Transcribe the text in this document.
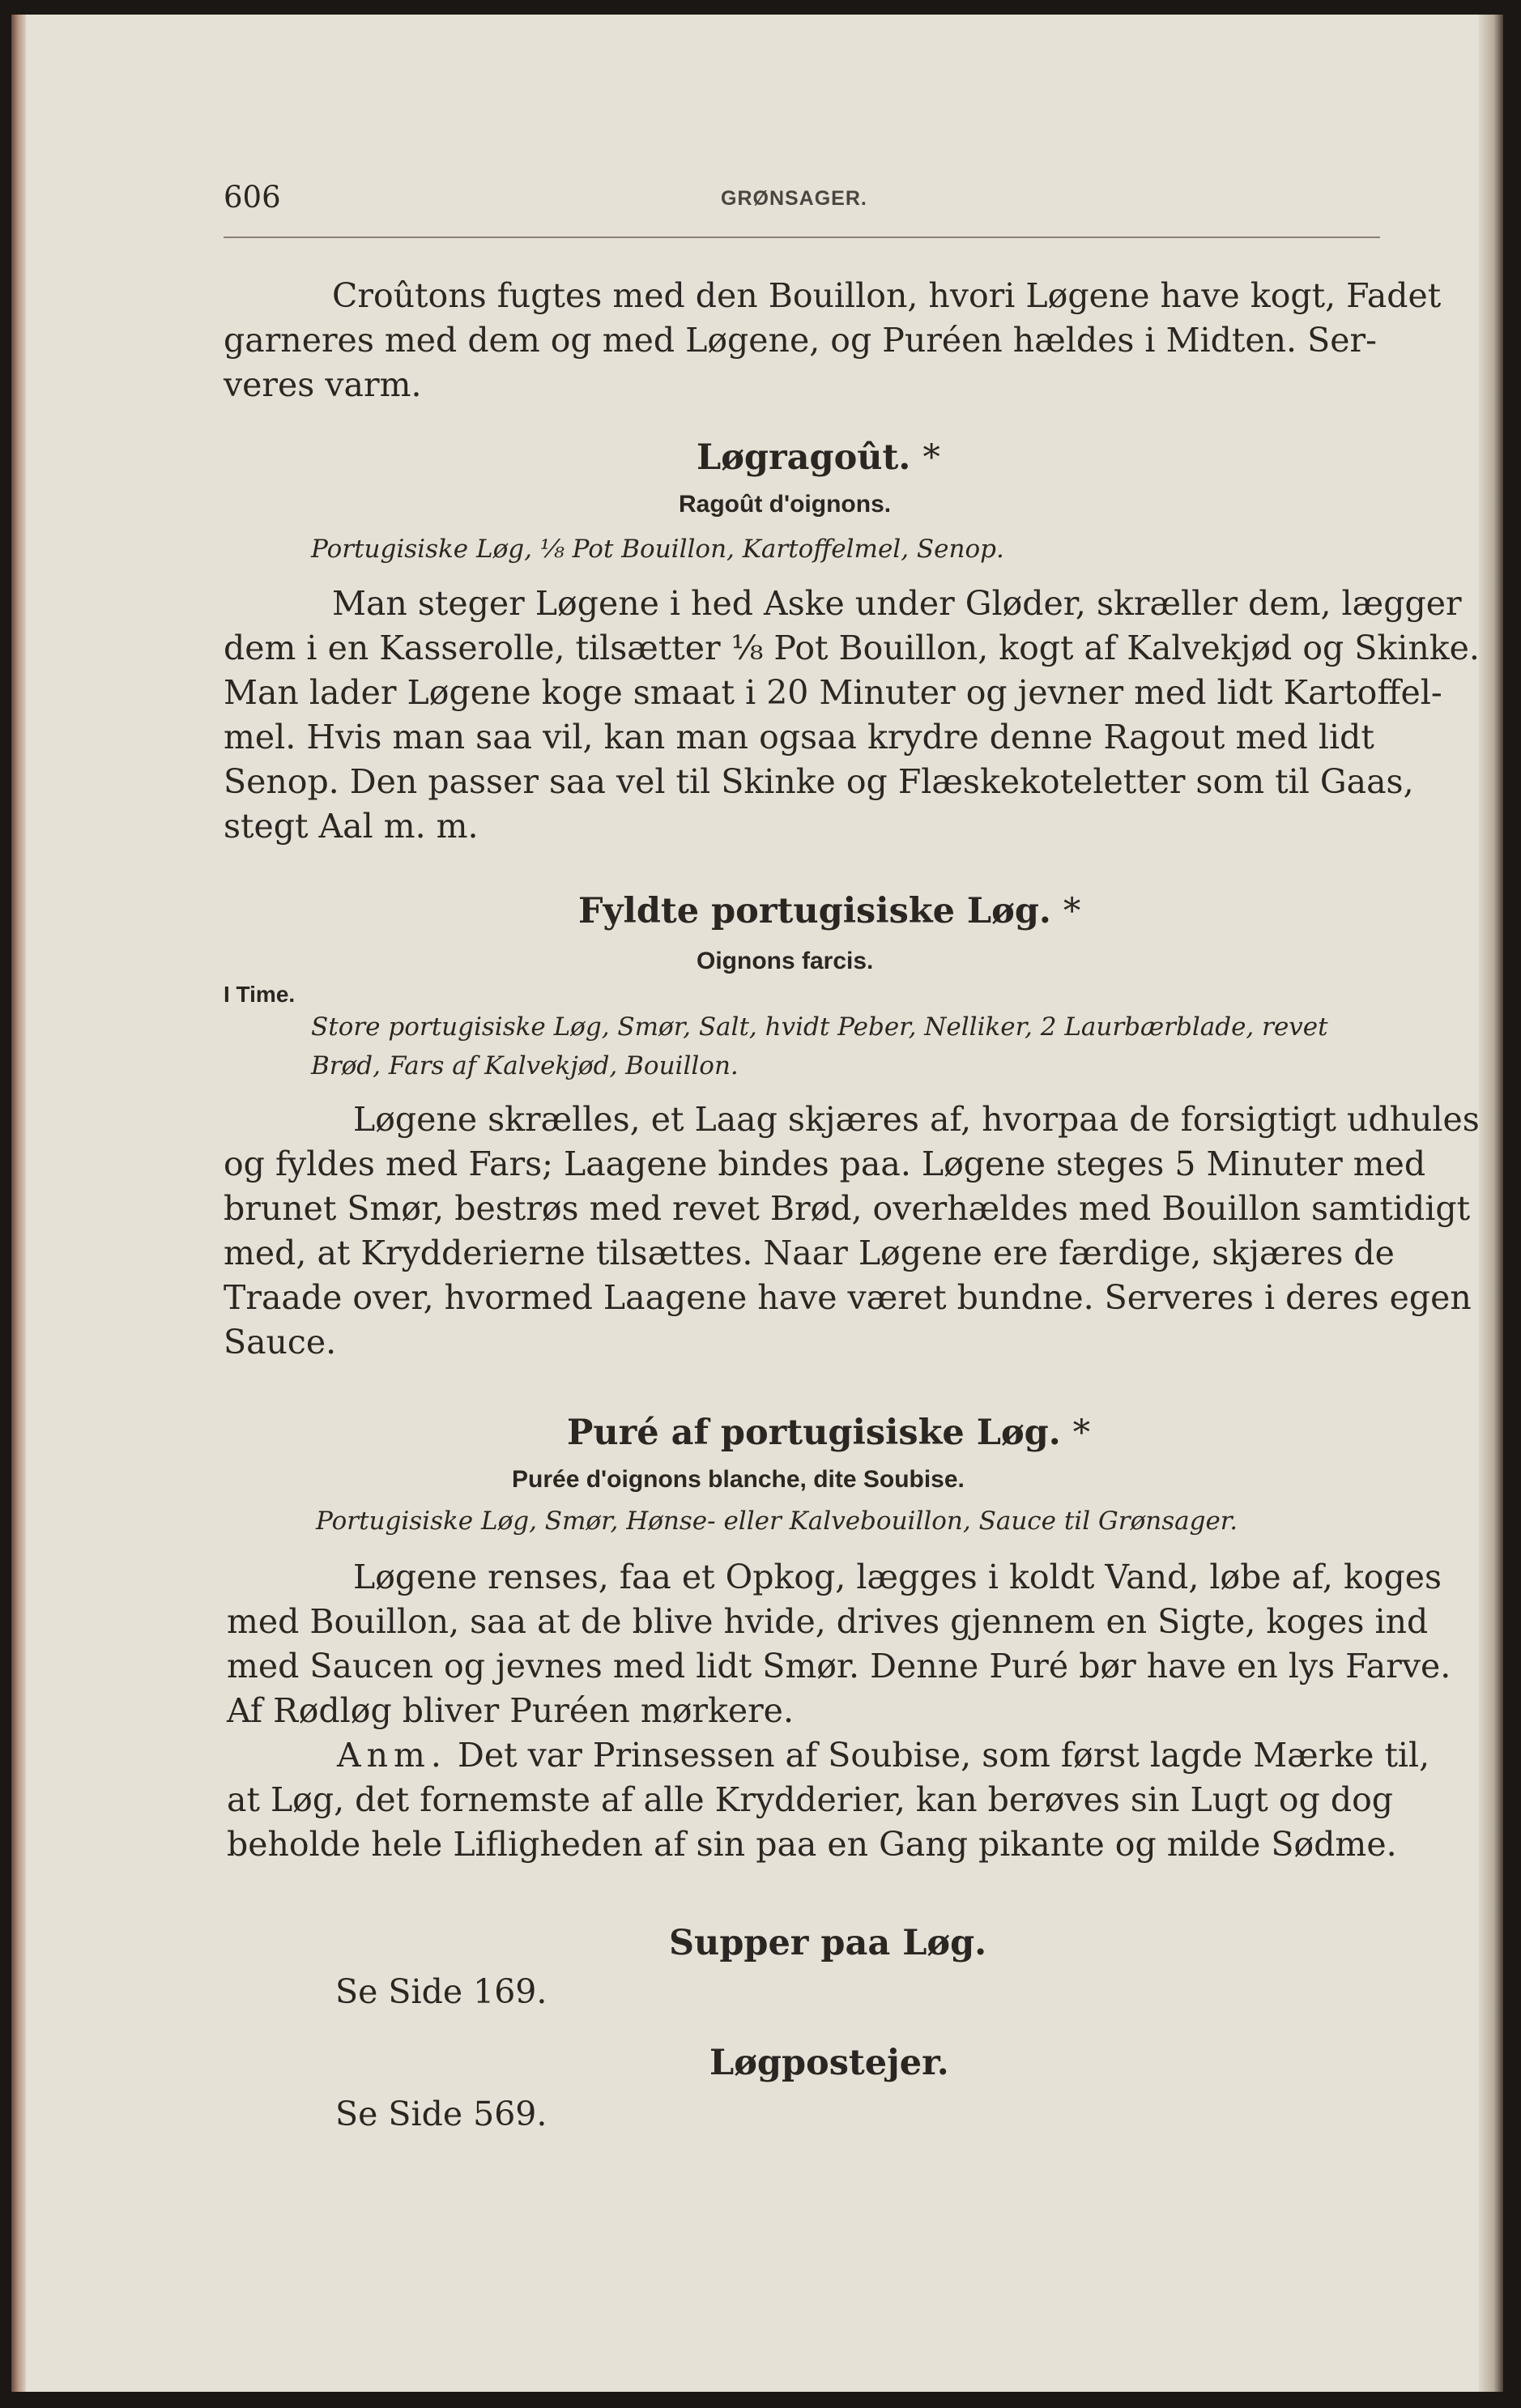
606	GRØNSAGER.
Croûtons fugtes med den Bouillon, hvori Løgene have kogt, Fadet
garneres med dem og med Løgene, og Puréen hældes i Midten. Ser-
veres varm.
Løgragoût. *
Ragoût d'oignons.
Portugisiske Løg, ⅛ Pot Bouillon, Kartoffelmel, Senop.
Man steger Løgene i hed Aske under Gløder, skræller dem, lægger
dem i en Kasserolle, tilsætter ⅛ Pot Bouillon, kogt af Kalvekjød og Skinke.
Man lader Løgene koge smaat i 20 Minuter og jevner med lidt Kartoffel-
mel. Hvis man saa vil, kan man ogsaa krydre denne Ragout med lidt
Senop. Den passer saa vel til Skinke og Flæskekoteletter som til Gaas,
stegt Aal m. m.
Fyldte portugisiske Løg. *
Oignons farcis.
I Time.
Store portugisiske Løg, Smør, Salt, hvidt Peber, Nelliker, 2 Laurbærblade, revet
Brød, Fars af Kalvekjød, Bouillon.
Løgene skrælles, et Laag skjæres af, hvorpaa de forsigtigt udhules
og fyldes med Fars; Laagene bindes paa. Løgene steges 5 Minuter med
brunet Smør, bestrøs med revet Brød, overhældes med Bouillon samtidigt
med, at Krydderierne tilsættes. Naar Løgene ere færdige, skjæres de
Traade over, hvormed Laagene have været bundne. Serveres i deres egen
Sauce.
Puré af portugisiske Løg. *
Purée d'oignons blanche, dite Soubise.
Portugisiske Løg, Smør, Hønse- eller Kalvebouillon, Sauce til Grønsager.
Løgene renses, faa et Opkog, lægges i koldt Vand, løbe af, koges
med Bouillon, saa at de blive hvide, drives gjennem en Sigte, koges ind
med Saucen og jevnes med lidt Smør. Denne Puré bør have en lys Farve.
Af Rødløg bliver Puréen mørkere.
Anm. Det var Prinsessen af Soubise, som først lagde Mærke til,
at Løg, det fornemste af alle Krydderier, kan berøves sin Lugt og dog
beholde hele Lifligheden af sin paa en Gang pikante og milde Sødme.
Supper paa Løg.
Se Side 169.
Løgpostejer.
Se Side 569.
